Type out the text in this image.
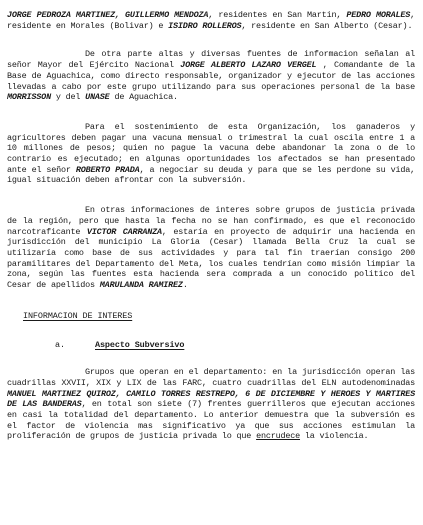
JORGE PEDROZA MARTINEZ, GUILLERMO MENDOZA, residentes en San Martin, PEDRO MORALES, residente en Morales (Bolivar) e ISIDRO ROLLEROS, residente en San Alberto (Cesar).

De otra parte altas y diversas fuentes de informacion señalan al señor Mayor del Ejército Nacional JORGE ALBERTO LAZARO VERGEL , Comandante de la Base de Aguachica, como directo responsable, organizador y ejecutor de las acciones llevadas a cabo por este grupo utilizando para sus operaciones personal de la base MORRISSON y del UNASE de Aguachica.

Para el sostenimiento de esta Organización, los ganaderos y agricultores deben pagar una vacuna mensual o trimestral la cual oscila entre 1 a 10 millones de pesos; quien no pague la vacuna debe abandonar la zona o de lo contrario es ejecutado; en algunas oportunidades los afectados se han presentado ante el señor ROBERTO PRADA, a negociar su deuda y para que se les perdone su vida, igual situación deben afrontar con la subversión.

En otras informaciones de interes sobre grupos de justicia privada de la región, pero que hasta la fecha no se han confirmado, es que el reconocido narcotraficante VICTOR CARRANZA, estaría en proyecto de adquirir una hacienda en jurisdicción del municipio La Gloria (Cesar) llamada Bella Cruz la cual se utilizaría como base de sus actividades y para tal fin traerían consigo 200 paramilitares del Departamento del Meta, los cuales tendrían como misión limpiar la zona, según las fuentes esta hacienda sera comprada a un conocido politico del Cesar de apellidos MARULANDA RAMIREZ.

INFORMACION DE INTERES

a.	Aspecto Subversivo

Grupos que operan en el departamento: en la jurisdicción operan las cuadrillas XXVII, XIX y LIX de las FARC, cuatro cuadrillas del ELN autodenominadas MANUEL MARTINEZ QUIROZ, CAMILO TORRES RESTREPO, 6 DE DICIEMBRE Y HEROES Y MARTIRES DE LAS BANDERAS, en total son siete (7) frentes guerrilleros que ejecutan acciones en casi la totalidad del departamento. Lo anterior demuestra que la subversión es el factor de violencia mas significativo ya que sus acciones estimulan la proliferación de grupos de justicia privada lo que encrudece la violencia.
